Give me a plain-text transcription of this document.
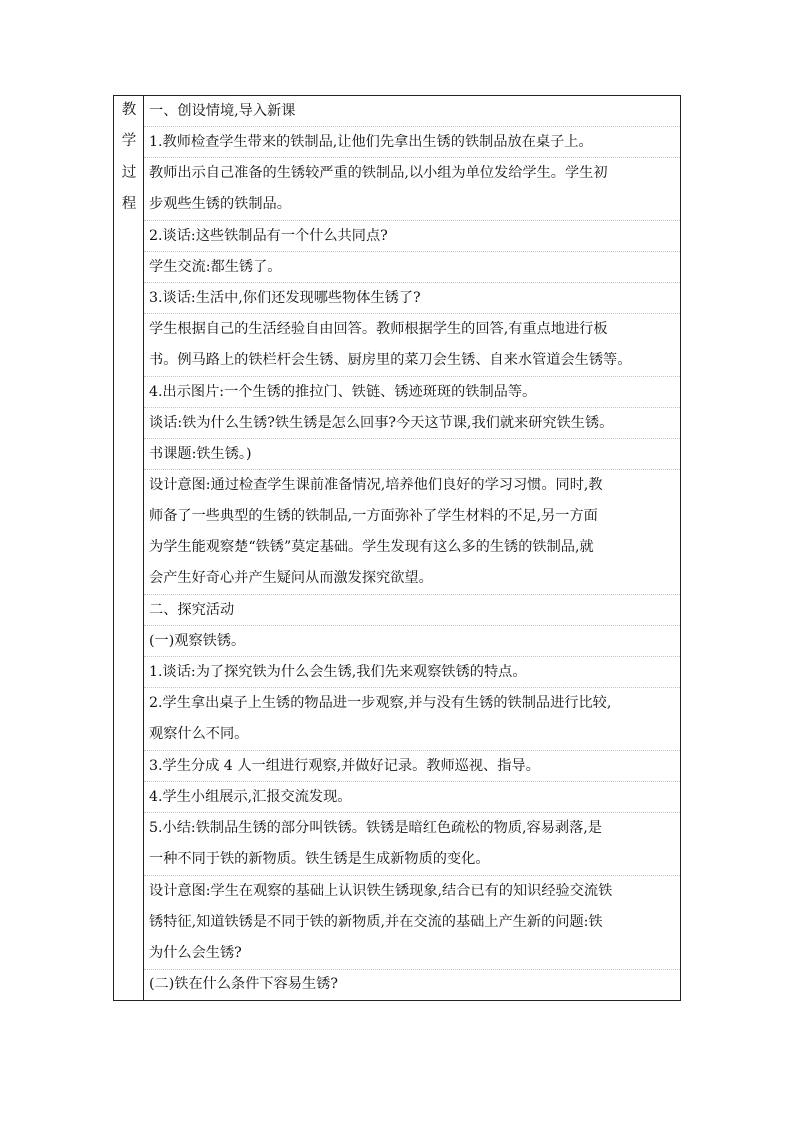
教
学
过
程
一、创设情境,导入新课
1.教师检查学生带来的铁制品,让他们先拿出生锈的铁制品放在桌子上。
教师出示自己准备的生锈较严重的铁制品,以小组为单位发给学生。学生初
步观些生锈的铁制品。
2.谈话:这些铁制品有一个什么共同点?
学生交流:都生锈了。
3.谈话:生活中,你们还发现哪些物体生锈了?
学生根据自己的生活经验自由回答。教师根据学生的回答,有重点地进行板
书。例马路上的铁栏杆会生锈、厨房里的菜刀会生锈、自来水管道会生锈等。
4.出示图片:一个生锈的推拉门、铁链、锈迹斑斑的铁制品等。
谈话:铁为什么生锈?铁生锈是怎么回事?今天这节课,我们就来研究铁生锈。
书课题:铁生锈。)
设计意图:通过检查学生课前准备情况,培养他们良好的学习习惯。同时,教
师备了一些典型的生锈的铁制品,一方面弥补了学生材料的不足,另一方面
为学生能观察楚“铁锈”莫定基础。学生发现有这么多的生锈的铁制品,就
会产生好奇心并产生疑问从而激发探究欲望。
二、探究活动
(一)观察铁锈。
1.谈话:为了探究铁为什么会生锈,我们先来观察铁锈的特点。
2.学生拿出桌子上生锈的物品进一步观察,并与没有生锈的铁制品进行比较,
观察什么不同。
3.学生分成 4 人一组进行观察,并做好记录。教师巡视、指导。
4.学生小组展示,汇报交流发现。
5.小结:铁制品生锈的部分叫铁锈。铁锈是暗红色疏松的物质,容易剥落,是
一种不同于铁的新物质。铁生锈是生成新物质的变化。
设计意图:学生在观察的基础上认识铁生锈现象,结合已有的知识经验交流铁
锈特征,知道铁锈是不同于铁的新物质,并在交流的基础上产生新的问题:铁
为什么会生锈?
(二)铁在什么条件下容易生锈?
